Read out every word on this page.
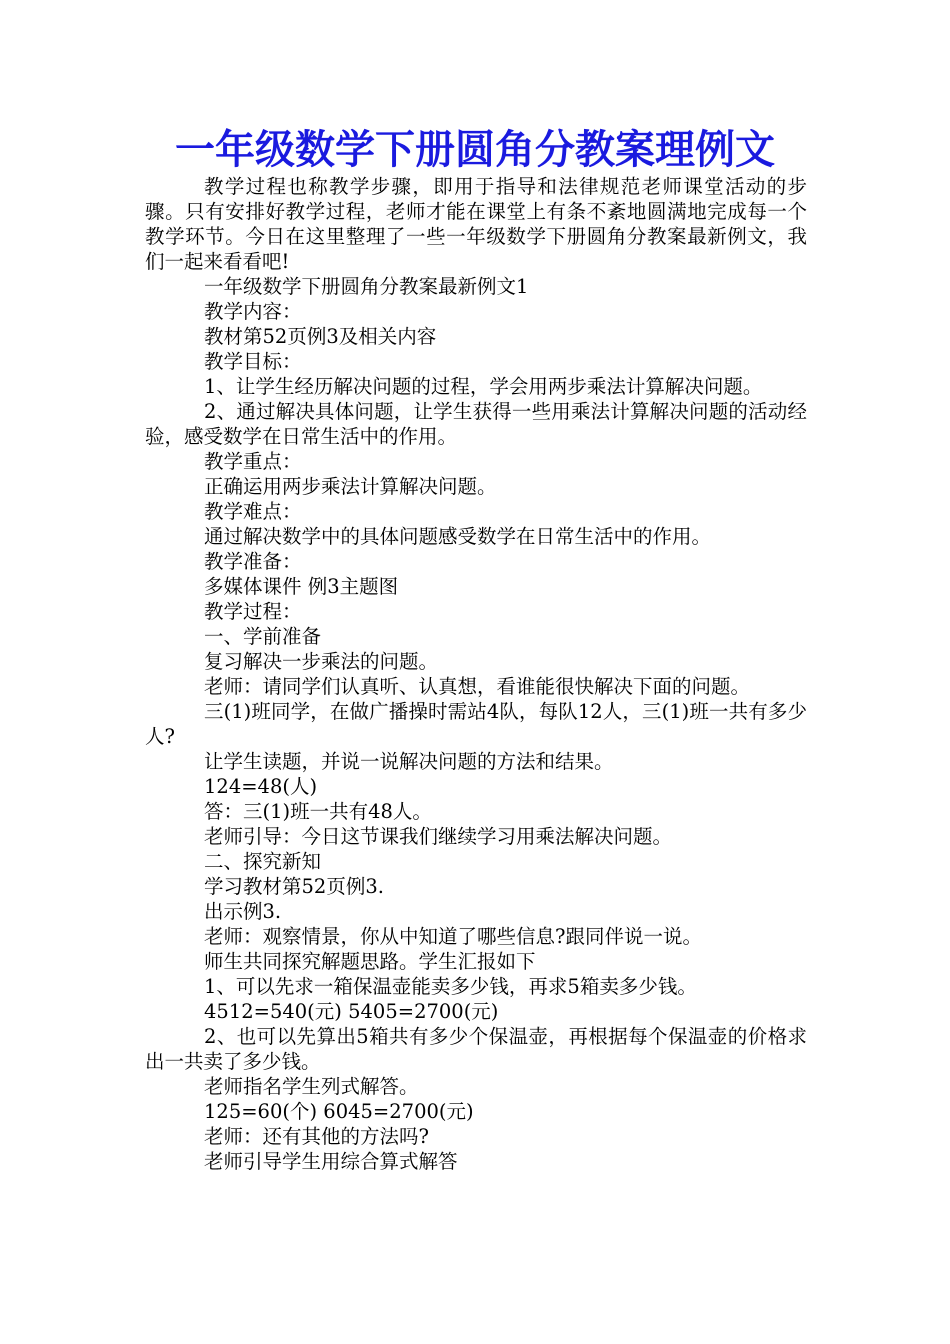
一年级数学下册圆角分教案理例文

教学过程也称教学步骤，即用于指导和法律规范老师课堂活动的步骤。只有安排好教学过程，老师才能在课堂上有条不紊地圆满地完成每一个教学环节。今日在这里整理了一些一年级数学下册圆角分教案最新例文，我们一起来看看吧!

一年级数学下册圆角分教案最新例文1

教学内容：

教材第52页例3及相关内容

教学目标：

1、让学生经历解决问题的过程，学会用两步乘法计算解决问题。

2、通过解决具体问题，让学生获得一些用乘法计算解决问题的活动经验，感受数学在日常生活中的作用。

教学重点：

正确运用两步乘法计算解决问题。

教学难点：

通过解决数学中的具体问题感受数学在日常生活中的作用。

教学准备：

多媒体课件 例3主题图

教学过程：

一、学前准备

复习解决一步乘法的问题。

老师：请同学们认真听、认真想，看谁能很快解决下面的问题。

三(1)班同学，在做广播操时需站4队，每队12人，三(1)班一共有多少人?

让学生读题，并说一说解决问题的方法和结果。

124=48(人)

答：三(1)班一共有48人。

老师引导：今日这节课我们继续学习用乘法解决问题。

二、探究新知

学习教材第52页例3.

出示例3.

老师：观察情景，你从中知道了哪些信息?跟同伴说一说。

师生共同探究解题思路。学生汇报如下

1、可以先求一箱保温壶能卖多少钱，再求5箱卖多少钱。

4512=540(元) 5405=2700(元)

2、也可以先算出5箱共有多少个保温壶，再根据每个保温壶的价格求出一共卖了多少钱。

老师指名学生列式解答。

125=60(个) 6045=2700(元)

老师：还有其他的方法吗?

老师引导学生用综合算式解答
